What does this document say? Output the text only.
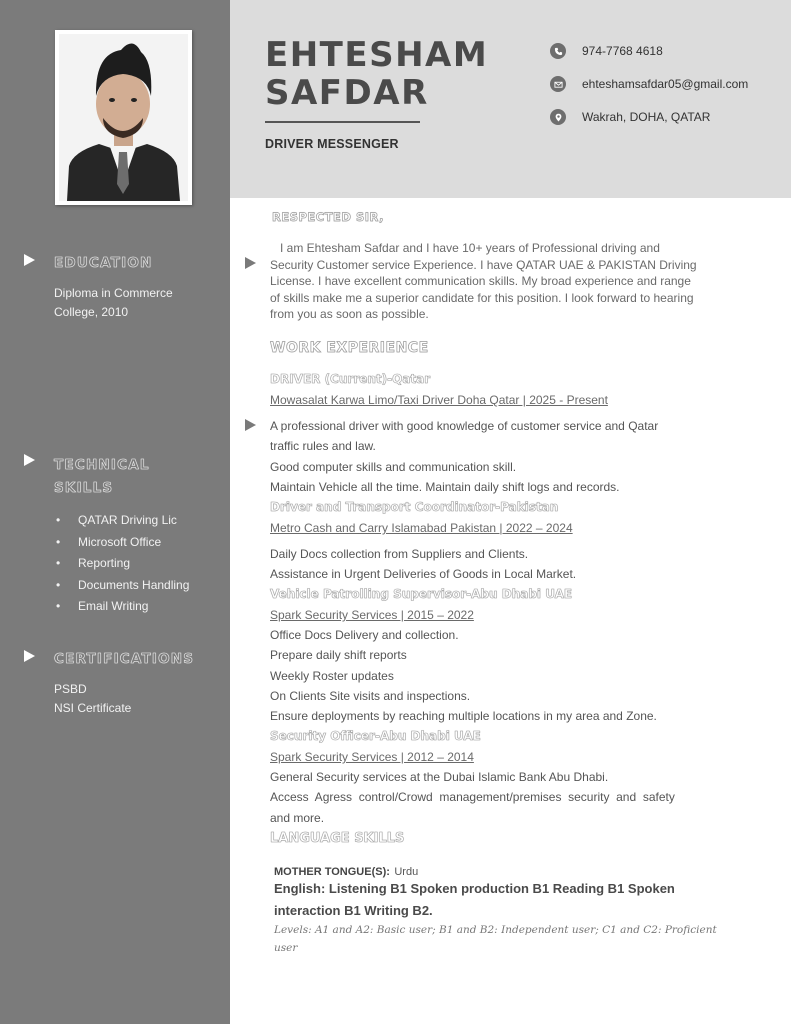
EDUCATION
Diploma in Commerce
College, 2010
TECHNICAL
SKILLS
• QATAR Driving Lic
• Microsoft Office
• Reporting
• Documents Handling
• Email Writing
CERTIFICATIONS
PSBD
NSI Certificate
EHTESHAM
SAFDAR
DRIVER MESSENGER
974-7768 4618
ehteshamsafdar05@gmail.com
Wakrah, DOHA, QATAR
RESPECTED SIR,
I am Ehtesham Safdar and I have 10+ years of Professional driving and
Security Customer service Experience. I have QATAR UAE & PAKISTAN Driving
License. I have excellent communication skills. My broad experience and range
of skills make me a superior candidate for this position. I look forward to hearing
from you as soon as possible.
WORK EXPERIENCE
DRIVER (Current)-Qatar
Mowasalat Karwa Limo/Taxi Driver Doha Qatar | 2025 - Present
A professional driver with good knowledge of customer service and Qatar
traffic rules and law.
Good computer skills and communication skill.
Maintain Vehicle all the time. Maintain daily shift logs and records.
Driver and Transport Coordinator-Pakistan
Metro Cash and Carry Islamabad Pakistan | 2022 – 2024
Daily Docs collection from Suppliers and Clients.
Assistance in Urgent Deliveries of Goods in Local Market.
Vehicle Patrolling Supervisor-Abu Dhabi UAE
Spark Security Services | 2015 – 2022
Office Docs Delivery and collection.
Prepare daily shift reports
Weekly Roster updates
On Clients Site visits and inspections.
Ensure deployments by reaching multiple locations in my area and Zone.
Security Officer-Abu Dhabi UAE
Spark Security Services | 2012 – 2014
General Security services at the Dubai Islamic Bank Abu Dhabi.
Access  Agress  control/Crowd  management/premises  security  and  safety
and more.
LANGUAGE SKILLS
MOTHER TONGUE(S): Urdu
English: Listening B1 Spoken production B1 Reading B1 Spoken
interaction B1 Writing B2.
Levels: A1 and A2: Basic user; B1 and B2: Independent user; C1 and C2: Proficient
user
